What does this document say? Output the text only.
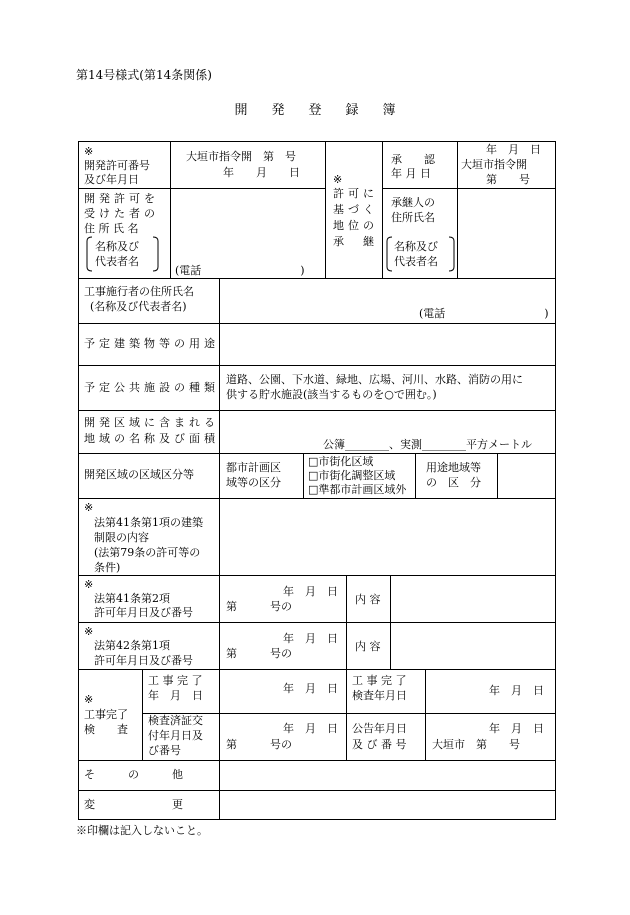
第14号様式(第14条関係)
開発登録簿
※
開発許可番号
及び年月日
大垣市指令開　第　号
年　　月　　日
※
許可に
基づく
地位の
承　継
承　　認
年 月 日
年　月　日
大垣市指令開
第　　号
開発許可を
受けた者の
住 所 氏 名
名称及び
代表者名
(電話　　　　　　　　　)
承継人の
住所氏名
名称及び
代表者名
工事施行者の住所氏名
(名称及び代表者名)
(電話　　　　　　　　　)
予定建築物等の用途
予定公共施設の種類
道路、公園、下水道、緑地、広場、河川、水路、消防の用に
供する貯水施設(該当するものを○で囲む。)
開発区域に含まれる
地域の名称及び面積	公簿________、実測________平方メートル
開発区域の区域区分等
都市計画区
域等の区分
□市街化区域
□市街化調整区域
□準都市計画区域外
用途地域等
の　区　分
※
法第41条第1項の建築
制限の内容
(法第79条の許可等の
条件)
※
法第41条第2項
許可年月日及び番号
年　月　日
第　　　号の
内 容
※
法第42条第1項
許可年月日及び番号
年　月　日
第　　　号の
内 容
※
工事完了
検　　査
工 事 完 了
年　月　日
年　月　日
工 事 完 了
検査年月日	年　月　日
検査済証交
付年月日及
び番号
年　月　日
第　　　号の
公告年月日
及 び 番 号
年　月　日
大垣市　第　　号
そ　　　の　　　他
変　　　　　　　更
※印欄は記入しないこと。
